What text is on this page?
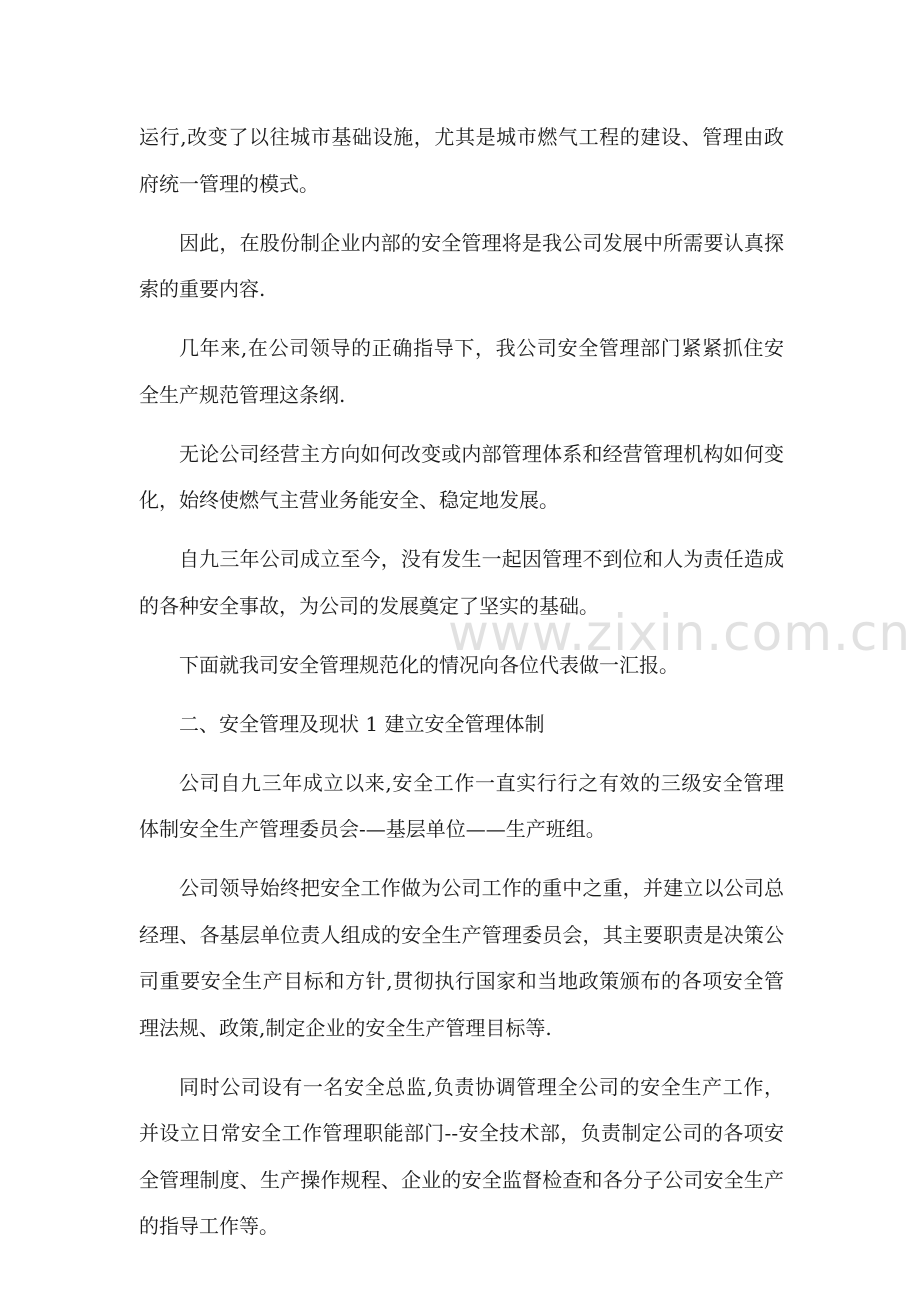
运行,改变了以往城市基础设施，尤其是城市燃气工程的建设、管理由政府统一管理的模式。

因此，在股份制企业内部的安全管理将是我公司发展中所需要认真探索的重要内容.

几年来,在公司领导的正确指导下，我公司安全管理部门紧紧抓住安全生产规范管理这条纲.

无论公司经营主方向如何改变或内部管理体系和经营管理机构如何变化，始终使燃气主营业务能安全、稳定地发展。

自九三年公司成立至今，没有发生一起因管理不到位和人为责任造成的各种安全事故，为公司的发展奠定了坚实的基础。

下面就我司安全管理规范化的情况向各位代表做一汇报。

二、安全管理及现状 1 建立安全管理体制

公司自九三年成立以来,安全工作一直实行行之有效的三级安全管理体制安全生产管理委员会-—基层单位——生产班组。

公司领导始终把安全工作做为公司工作的重中之重，并建立以公司总经理、各基层单位责人组成的安全生产管理委员会，其主要职责是决策公司重要安全生产目标和方针,贯彻执行国家和当地政策颁布的各项安全管理法规、政策,制定企业的安全生产管理目标等.

同时公司设有一名安全总监,负责协调管理全公司的安全生产工作，并设立日常安全工作管理职能部门--安全技术部，负责制定公司的各项安全管理制度、生产操作规程、企业的安全监督检查和各分子公司安全生产的指导工作等。

www.zixin.com.cn
